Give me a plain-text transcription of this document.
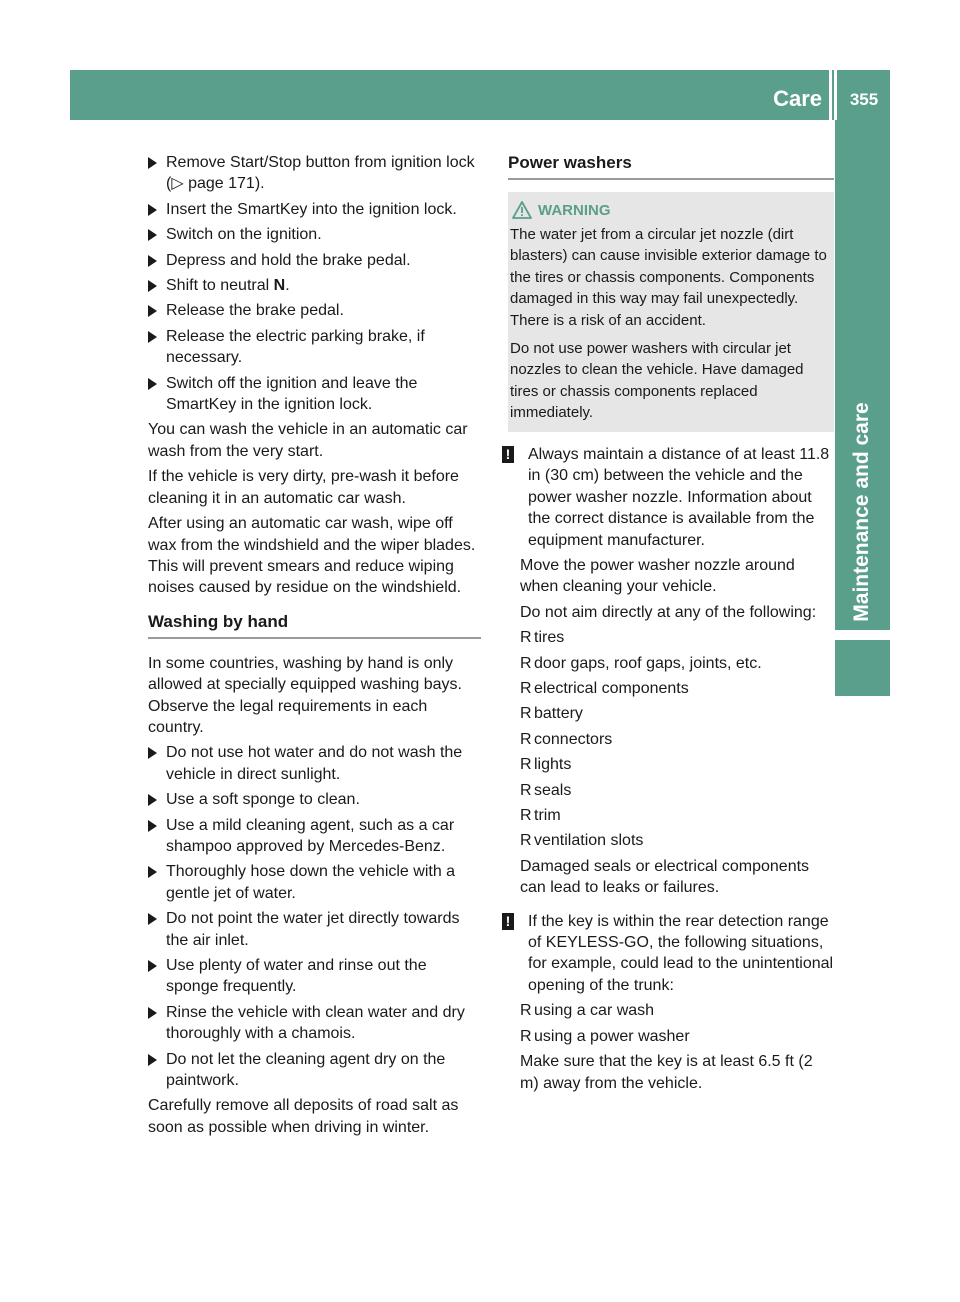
Care	355
Maintenance and care
Remove Start/Stop button from ignition lock (▷ page 171).
Insert the SmartKey into the ignition lock.
Switch on the ignition.
Depress and hold the brake pedal.
Shift to neutral N.
Release the brake pedal.
Release the electric parking brake, if necessary.
Switch off the ignition and leave the SmartKey in the ignition lock.

You can wash the vehicle in an automatic car wash from the very start.

If the vehicle is very dirty, pre-wash it before cleaning it in an automatic car wash.

After using an automatic car wash, wipe off wax from the windshield and the wiper blades. This will prevent smears and reduce wiping noises caused by residue on the windshield.

Washing by hand

In some countries, washing by hand is only allowed at specially equipped washing bays. Observe the legal requirements in each country.

Do not use hot water and do not wash the vehicle in direct sunlight.
Use a soft sponge to clean.
Use a mild cleaning agent, such as a car shampoo approved by Mercedes-Benz.
Thoroughly hose down the vehicle with a gentle jet of water.
Do not point the water jet directly towards the air inlet.
Use plenty of water and rinse out the sponge frequently.
Rinse the vehicle with clean water and dry thoroughly with a chamois.
Do not let the cleaning agent dry on the paintwork.

Carefully remove all deposits of road salt as soon as possible when driving in winter.

Power washers
WARNING

The water jet from a circular jet nozzle (dirt blasters) can cause invisible exterior damage to the tires or chassis components. Components damaged in this way may fail unexpectedly. There is a risk of an accident.

Do not use power washers with circular jet nozzles to clean the vehicle. Have damaged tires or chassis components replaced immediately.

!	Always maintain a distance of at least 11.8 in (30 cm) between the vehicle and the power washer nozzle. Information about the correct distance is available from the equipment manufacturer.

Move the power washer nozzle around when cleaning your vehicle.

Do not aim directly at any of the following:

R tires
R door gaps, roof gaps, joints, etc.
R electrical components
R battery
R connectors
R lights
R seals
R trim
R ventilation slots

Damaged seals or electrical components can lead to leaks or failures.

!	If the key is within the rear detection range of KEYLESS-GO, the following situations, for example, could lead to the unintentional opening of the trunk:
R using a car wash
R using a power washer

Make sure that the key is at least 6.5 ft (2 m) away from the vehicle.
